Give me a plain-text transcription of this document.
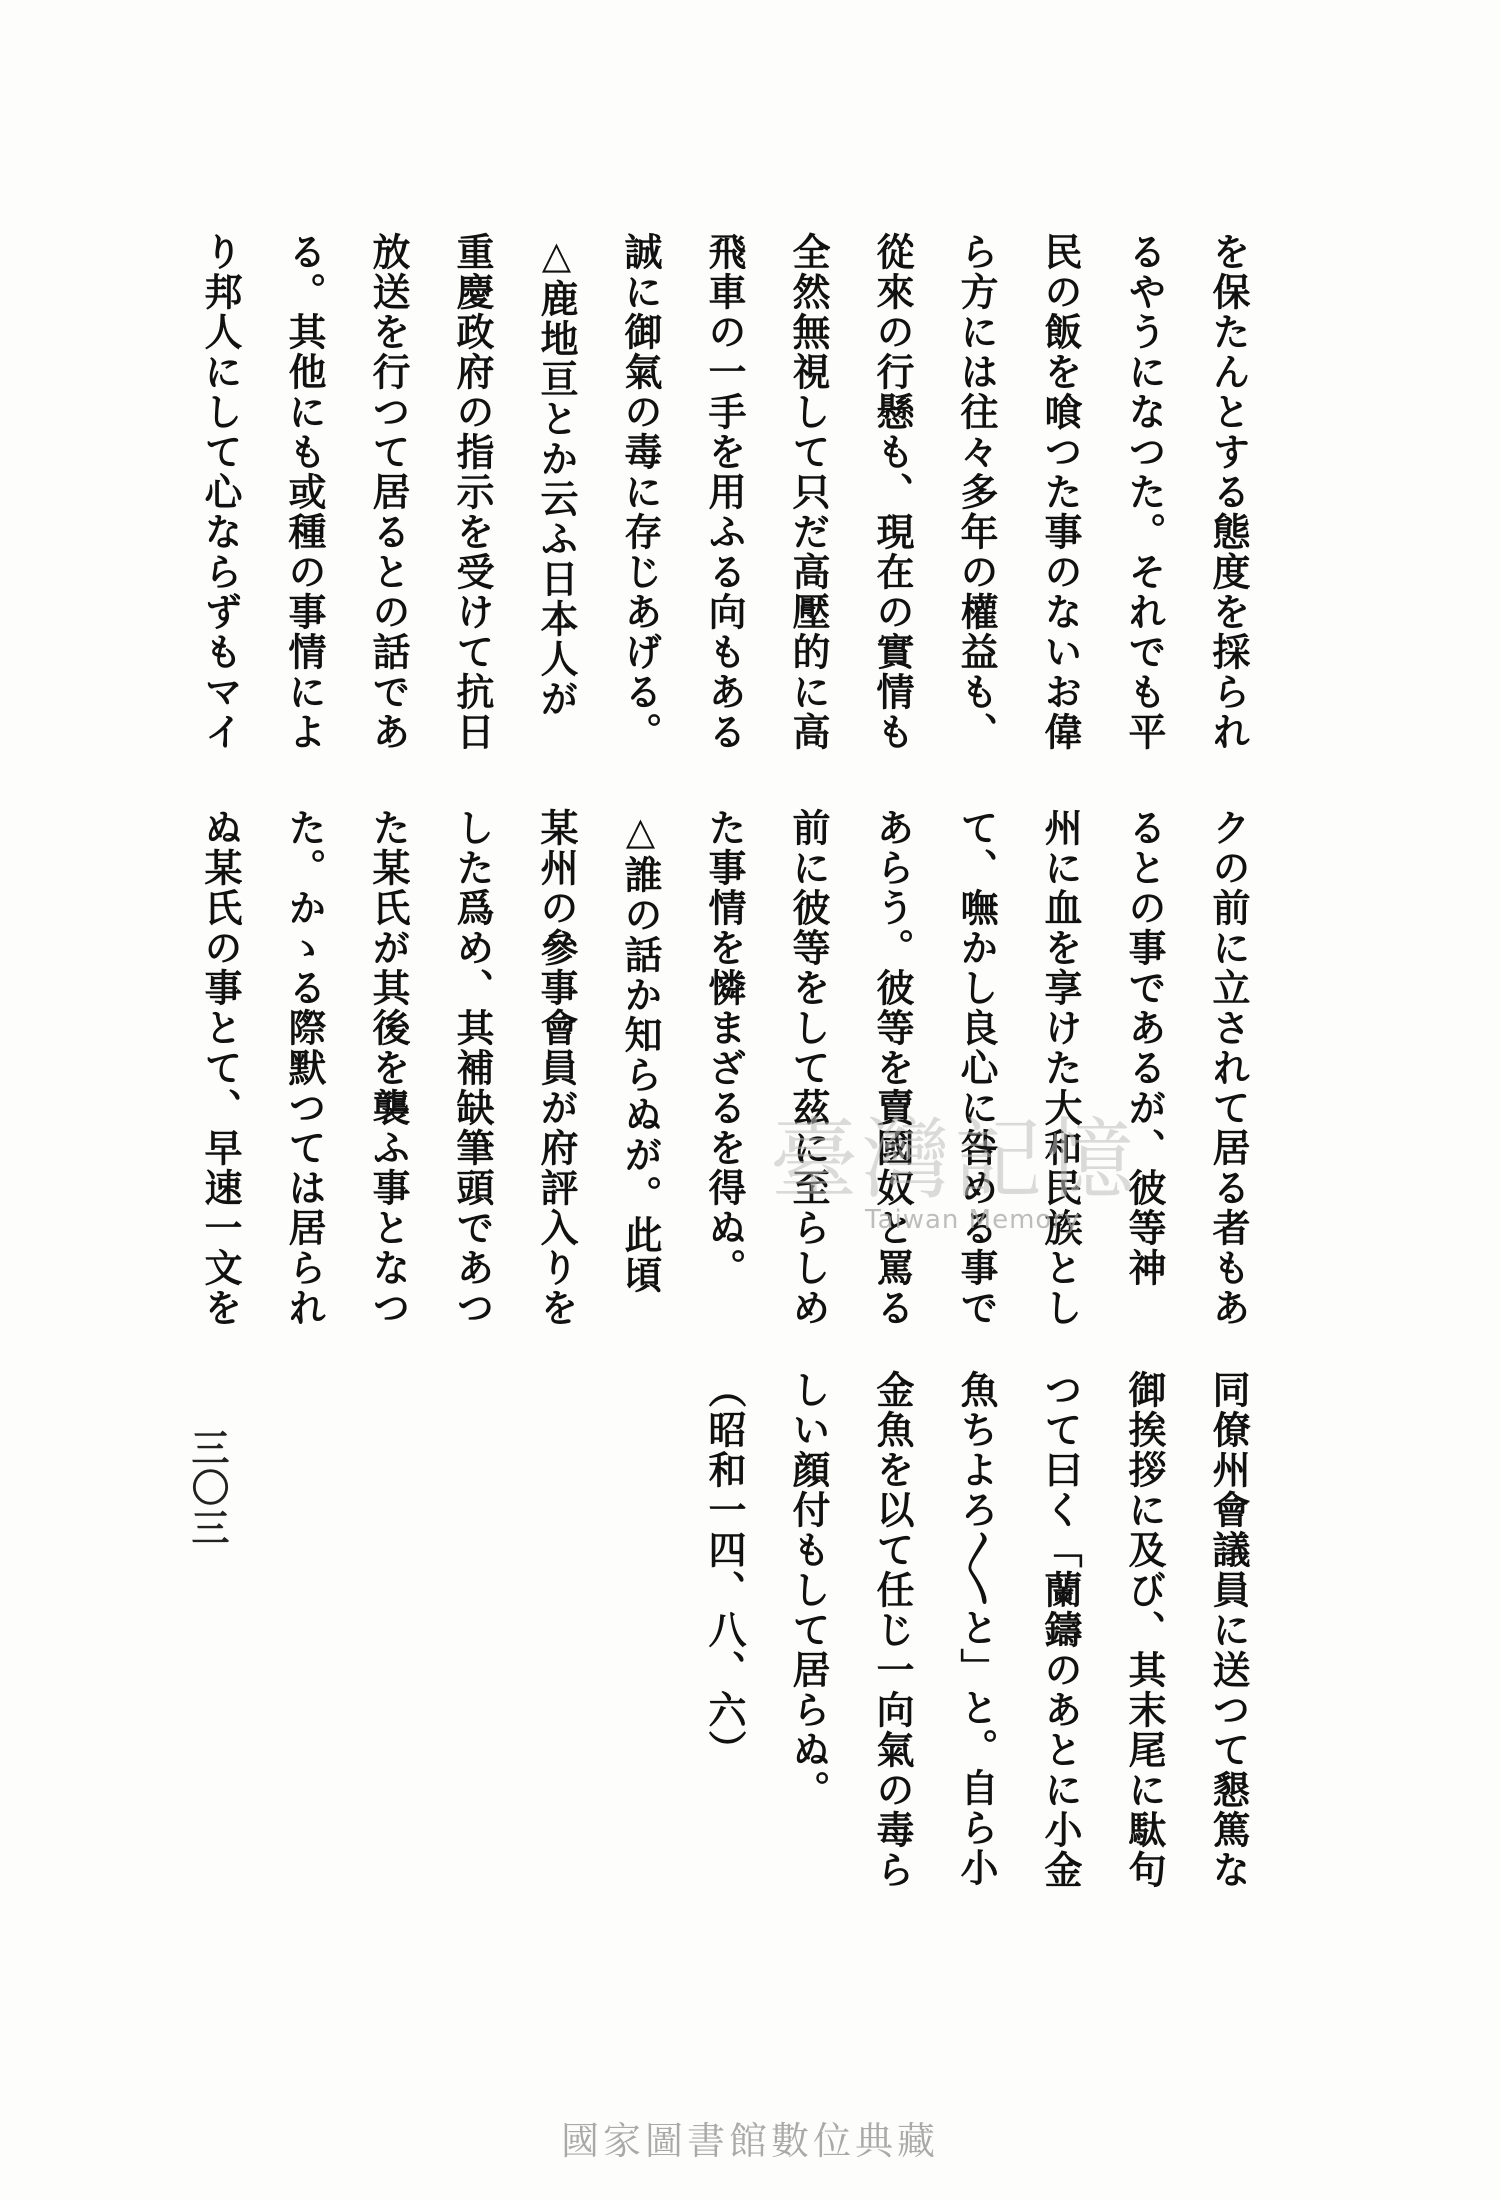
を保たんとする態度を採られ
るやうになつた。それでも平
民の飯を喰つた事のないお偉
ら方には往々多年の權益も、
從來の行懸も、現在の實情も
全然無視して只だ高壓的に高
飛車の一手を用ふる向もある
誠に御氣の毒に存じあげる。
△鹿地亘とか云ふ日本人が
重慶政府の指示を受けて抗日
放送を行つて居るとの話であ
る。其他にも或種の事情によ
り邦人にして心ならずもマイ
クの前に立されて居る者もあ
るとの事であるが、彼等神
州に血を享けた大和民族とし
て、嘸かし良心に咎める事で
あらう。彼等を賣國奴と罵る
前に彼等をして茲に至らしめ
た事情を憐まざるを得ぬ。
△誰の話か知らぬが。此頃
某州の參事會員が府評入りを
した爲め、其補缺筆頭であつ
た某氏が其後を襲ふ事となつ
た。かゝる際默つては居られ
ぬ某氏の事とて、早速一文を
同僚州會議員に送つて懇篤な
御挨拶に及び、其末尾に駄句
つて曰く「蘭鑄のあとに小金
魚ちよろ〱と」と。自ら小
金魚を以て任じ一向氣の毒ら
しい顔付もして居らぬ。
（昭和一四、八、六）
三〇三
臺灣記憶
Taiwan Memory
國家圖書館數位典藏
